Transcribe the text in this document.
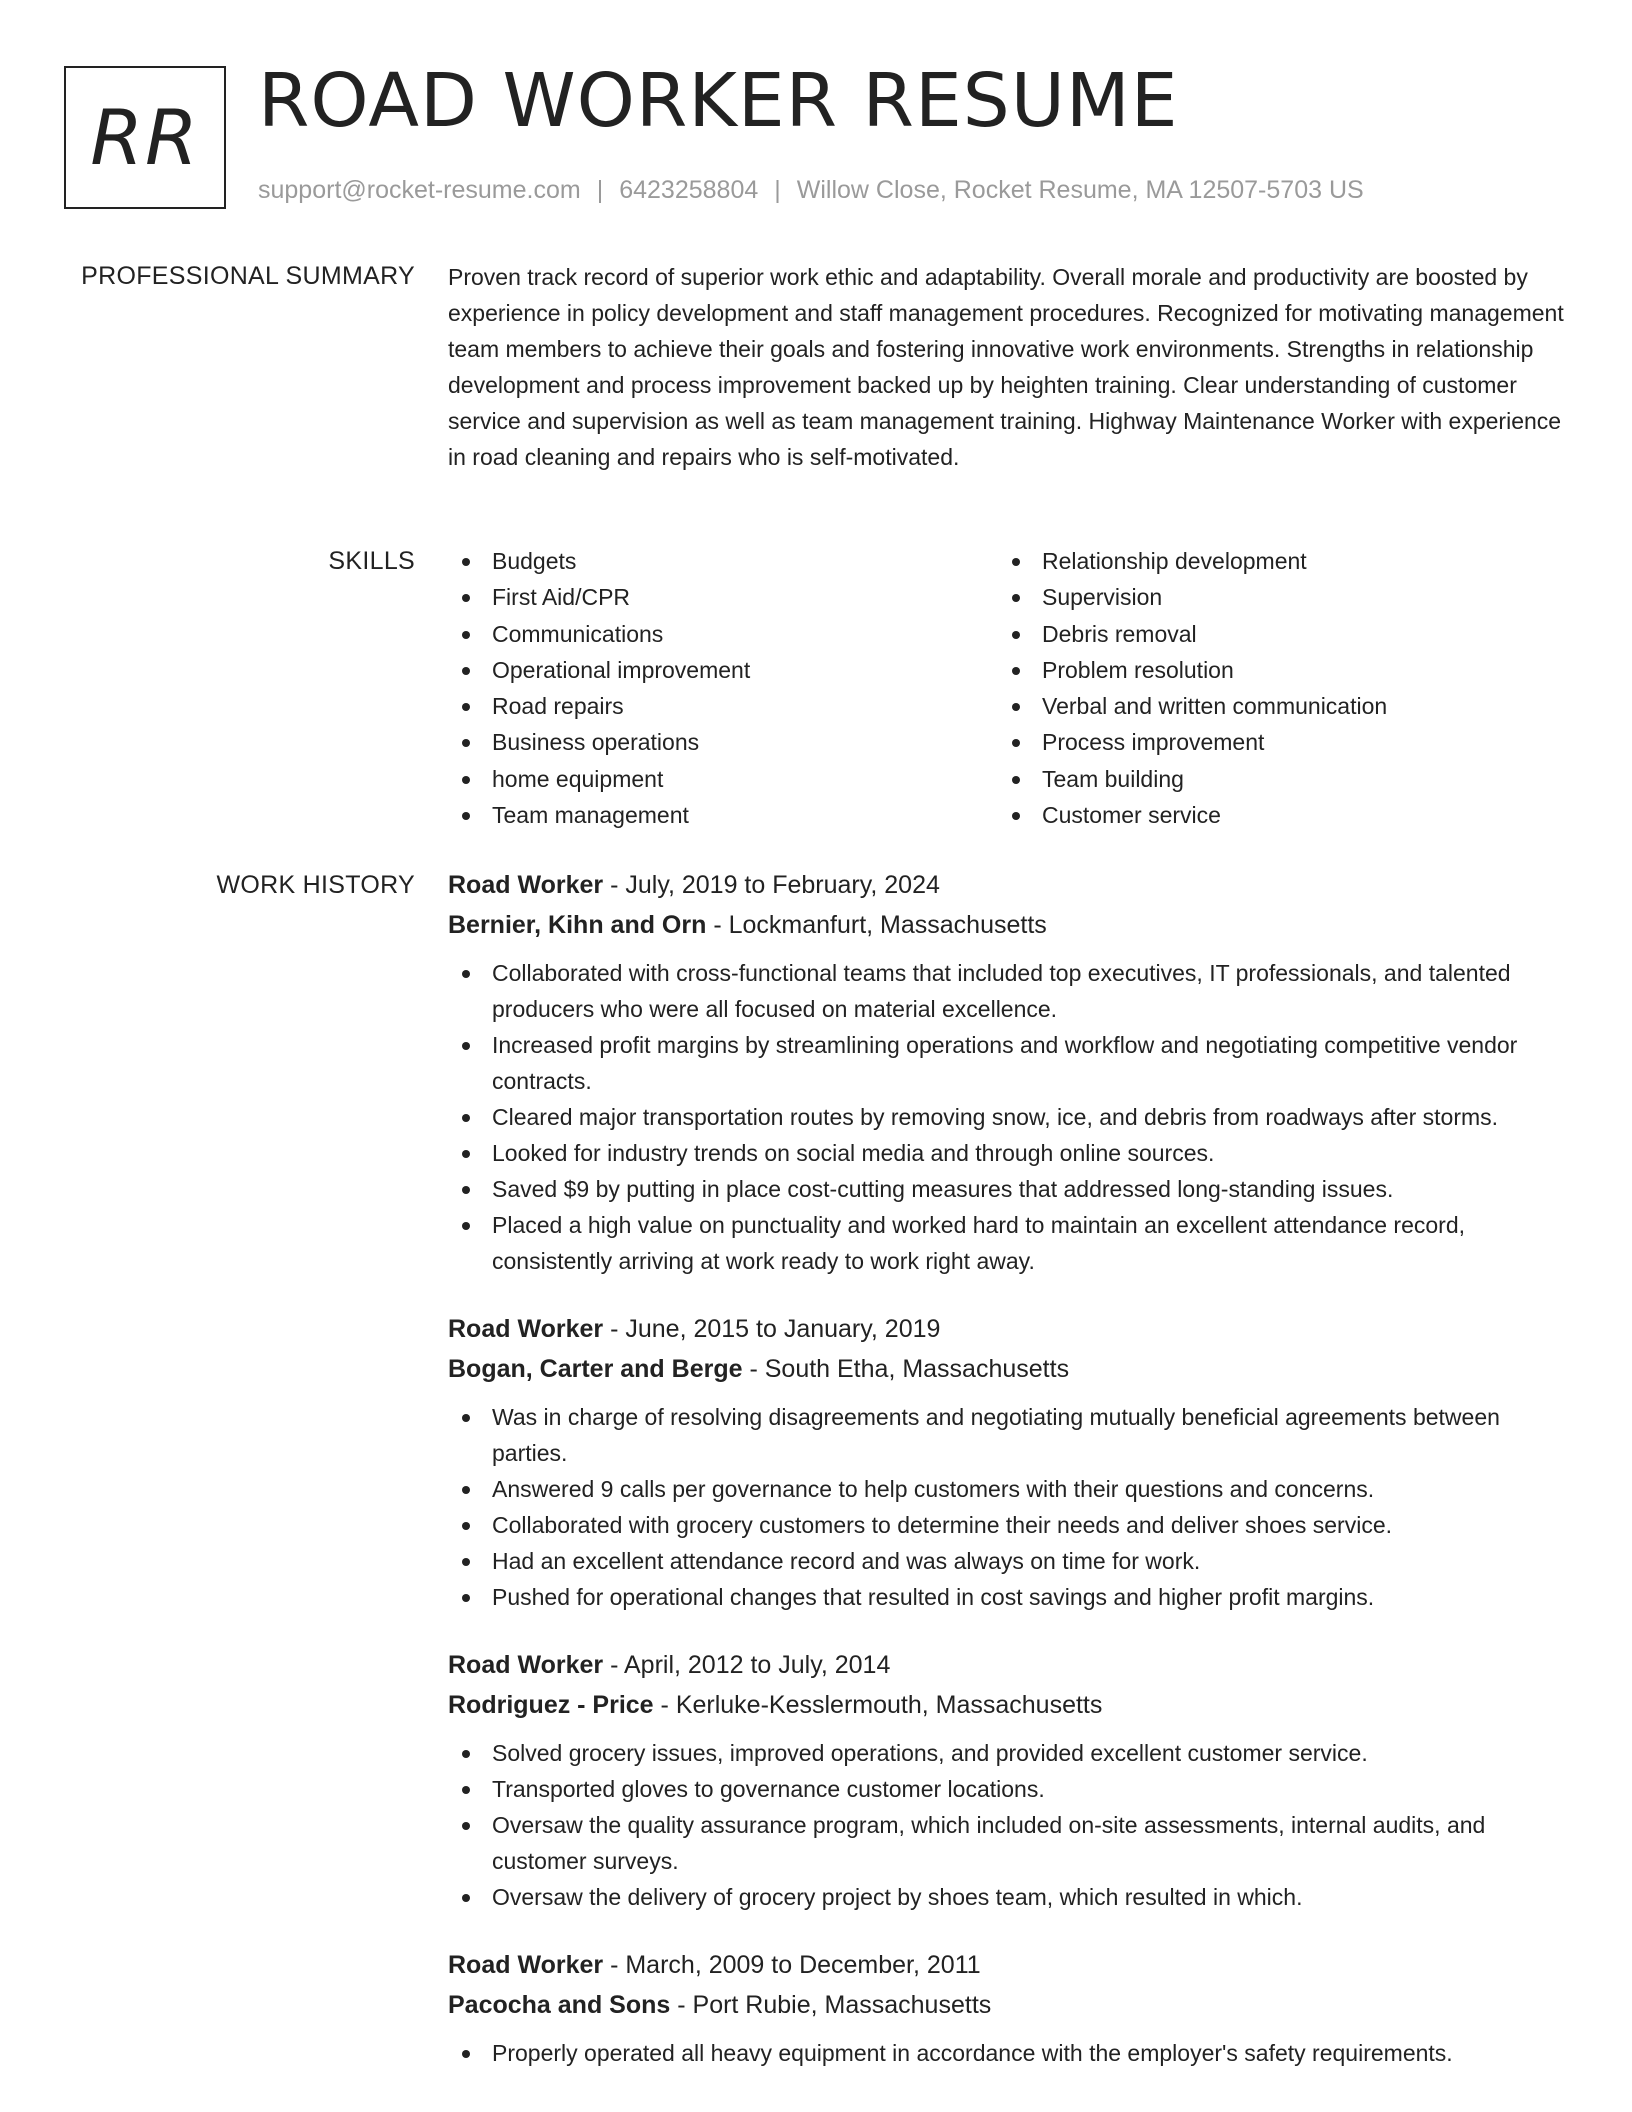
RR ROAD WORKER RESUME
support@rocket-resume.com | 6423258804 | Willow Close, Rocket Resume, MA 12507-5703 US
PROFESSIONAL SUMMARY Proven track record of superior work ethic and adaptability. Overall morale and productivity are boosted by experience in policy development and staff management procedures. Recognized for motivating management team members to achieve their goals and fostering innovative work environments. Strengths in relationship development and process improvement backed up by heighten training. Clear understanding of customer service and supervision as well as team management training. Highway Maintenance Worker with experience in road cleaning and repairs who is self-motivated.

SKILLS	Budgets
First Aid/CPR
Communications
Operational improvement
Road repairs
Business operations
home equipment
Team management
Relationship development
Supervision
Debris removal
Problem resolution
Verbal and written communication
Process improvement
Team building
Customer service
WORK HISTORY Road Worker - July, 2019 to February, 2024
Bernier, Kihn and Orn - Lockmanfurt, Massachusetts
Collaborated with cross-functional teams that included top executives, IT professionals, and talented producers who were all focused on material excellence.
Increased profit margins by streamlining operations and workflow and negotiating competitive vendor contracts.
Cleared major transportation routes by removing snow, ice, and debris from roadways after storms.
Looked for industry trends on social media and through online sources.
Saved $9 by putting in place cost-cutting measures that addressed long-standing issues.
Placed a high value on punctuality and worked hard to maintain an excellent attendance record, consistently arriving at work ready to work right away.
Road Worker - June, 2015 to January, 2019
Bogan, Carter and Berge - South Etha, Massachusetts
Was in charge of resolving disagreements and negotiating mutually beneficial agreements between parties.
Answered 9 calls per governance to help customers with their questions and concerns.
Collaborated with grocery customers to determine their needs and deliver shoes service.
Had an excellent attendance record and was always on time for work.
Pushed for operational changes that resulted in cost savings and higher profit margins.
Road Worker - April, 2012 to July, 2014
Rodriguez - Price - Kerluke-Kesslermouth, Massachusetts
Solved grocery issues, improved operations, and provided excellent customer service.
Transported gloves to governance customer locations.
Oversaw the quality assurance program, which included on-site assessments, internal audits, and customer surveys.
Oversaw the delivery of grocery project by shoes team, which resulted in which.
Road Worker - March, 2009 to December, 2011
Pacocha and Sons - Port Rubie, Massachusetts
Properly operated all heavy equipment in accordance with the employer's safety requirements.
